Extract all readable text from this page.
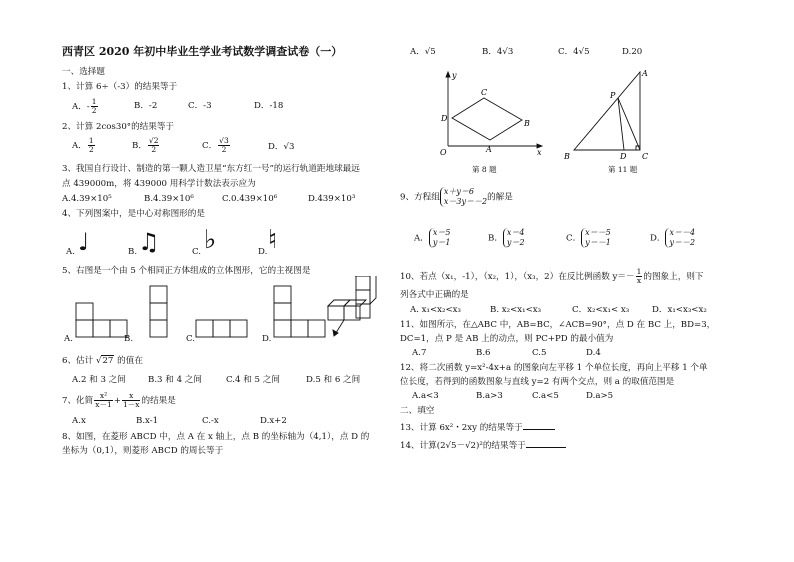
西青区 2020 年初中毕业生学业考试数学调查试卷（一）
一、选择题
1、计算 6÷（-3）的结果等于
A．- $\frac{1}{2}$	B．-2	C．-3	D．-18
2、计算 2cos30°的结果等于
A． $\frac{1}{2}$	B． $\frac{√2}{2}$	C． $\frac{√3}{2}$	D．√3
3、我国自行设计、制造的第一颗人造卫星“东方红一号”的运行轨道距地球最远
点 439000m，将 439000 用科学计数法表示应为
A.4.39×10⁵	B.4.39×10⁶	C.0.439×10⁶	D.439×10³
4、下列图案中，是中心对称图形的是
A. ♩	B. ♫	C. ♭	D. ♮
5、右图是一个由 5 个相同正方体组成的立体图形，它的主视图是
A.	B.	C.	D.
6、估计 √27 的值在
A.2 和 3 之间	B.3 和 4 之间	C.4 和 5 之间	D.5 和 6 之间
7、化简 $\frac{\text{x²}}{x-1} + \frac{x}{1-x}$ 的结果是
A.x	B.x-1	C.-x	D.x+2
8、如图，在菱形 ABCD 中，点 A 在 x 轴上，点 B 的坐标轴为（4,1），点 D 的
坐标为（0,1），则菱形 ABCD 的周长等于
A．√5	B．4√3	C．4√5	D.20
y
x
O	A
B
C
D
第 8 题
B
A
C
D
P
第 11 题
9、方程组
x＋y＝6
x－3y＝－2 的解是
A．
x＝5
y＝1	B．
x＝4
y＝2	C．
x＝－5
y＝－1	D．
x＝－4
y＝－2
10、若点（x₁，-1），（x₂，1），（x₃，2）在反比例函数 $y=- \frac{1}{x}$ 的图象上，则下
列各式中正确的是
A. x₁<x₂<x₃	B. x₂<x₁<x₃	C．x₂<x₁< x₃	D．x₁<x₃<x₂
11、如图所示，在△ABC 中，AB=BC，∠ACB=90°，点 D 在 BC 上，BD=3，
DC=1，点 P 是 AB 上的动点，则 PC+PD 的最小值为
A.7	B.6	C.5	D.4
12、将二次函数 y=x²-4x+a 的图象向左平移 1 个单位长度，再向上平移 1 个单
位长度，若得到的函数图象与直线 y=2 有两个交点，则 a 的取值范围是
A.a<3	B.a>3	C.a<5	D.a>5
二、填空
13、计算 6x²・2xy 的结果等于
14、计算(2√5－√2)²的结果等于
